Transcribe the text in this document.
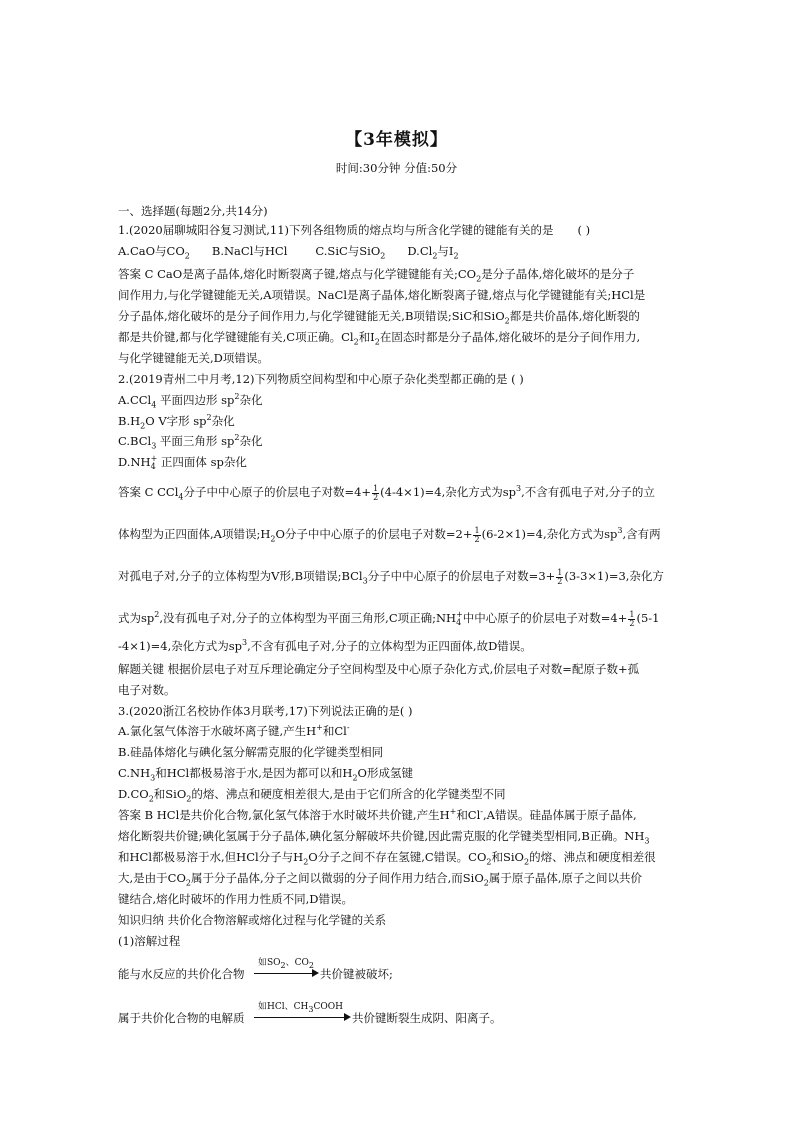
【3年模拟】
时间:30分钟 分值:50分
一、选择题(每题2分,共14分)
1.(2020届聊城阳谷复习测试,11)下列各组物质的熔点均与所含化学键的键能有关的是 ( )
A.CaO与$CO_2$ B.NaCl与HCl C.SiC与SiO$_2$ $D.Cl_2$与$I_2$
答案 C CaO是离子晶体,熔化时断裂离子键,熔点与化学键键能有关$;CO_2$是分子晶体,熔化破坏的是分子
间作用力,与化学键键能无关,A项错误。NaCl是离子晶体,熔化断裂离子键,熔点与化学键键能有关;HCl是
分子晶体,熔化破坏的是分子间作用力,与化学键键能无关,B项错误;SiC和SiO$_2$都是共价晶体,熔化断裂的
都是共价键,都与化学键键能有关,C项正确。$Cl_2$和$I_2$在固态时都是分子晶体,熔化破坏的是分子间作用力,
与化学键键能无关,D项错误。
2.(2019青州二中月考,12)下列物质空间构型和中心原子杂化类型都正确的是 ( )
A.CCl$_4$ 平面四边形 $sp^2$杂化
$B.H_2O$ V字形 $sp^2$杂化
C.BCl$_3$ 平面三角形 $sp^2$杂化
D.NH +
4 正四面体 sp杂化
答案 C CCl$_4$分子中中心原子的价层电子对数$=4+ \frac{1}{2} (4-4\times 1)=4$,杂化方式为$sp^3$,不含有孤电子对,分子的立
体构型为正四面体,A项错误$;H_2O$分子中中心原子的价层电子对数$=2+ \frac{1}{2} (6-2\times 1)=4$,杂化方式为$sp^3$,含有两
对孤电子对,分子的立体构型为V形,B项错误;BCl$_3$分子中中心原子的价层电子对数$=3+ \frac{1}{2} (3-3\times 1)=3$,杂化方
式为$sp^2$,没有孤电子对,分子的立体构型为平面三角形,C项正确;NH +
4 中中心原子的价层电子对数$=4+ \frac{1}{2} (5-1$
-4×1)=4,杂化方式为$sp^3$,不含有孤电子对,分子的立体构型为正四面体,故D错误。
解题关键 根据价层电子对互斥理论确定分子空间构型及中心原子杂化方式,价层电子对数=配原子数+孤
电子对数。
3.(2020浙江名校协作体3月联考,17)下列说法正确的是( )
A.氯化氢气体溶于水破坏离子键,产生H+和Cl-
B.硅晶体熔化与碘化氢分解需克服的化学键类型相同
$C.NH_3$和HCl都极易溶于水,是因为都可以和$H_2O$形成氢键
$D.CO_2$和SiO$_2$的熔、沸点和硬度相差很大,是由于它们所含的化学键类型不同
答案 B HCl是共价化合物,氯化氢气体溶于水时破坏共价键,产生H+和Cl-,A错误。硅晶体属于原子晶体,
熔化断裂共价键;碘化氢属于分子晶体,碘化氢分解破坏共价键,因此需克服的化学键类型相同,B正确。$NH_3$
和HCl都极易溶于水,但HCl分子与$H_2O$分子之间不存在氢键,C错误。$CO_2$和SiO$_2$的熔、沸点和硬度相差很
大,是由于$CO_2$属于分子晶体,分子之间以微弱的分子间作用力结合,而SiO$_2$属于原子晶体,原子之间以共价
键结合,熔化时破坏的作用力性质不同,D错误。
知识归纳 共价化合物溶解或熔化过程与化学键的关系
(1)溶解过程
能与水反应的共价化合物
如$SO_2$、$CO_2$
共价键被破坏;
属于共价化合物的电解质
如HCl、$CH_3COOH$
共价键断裂生成阴、阳离子。
